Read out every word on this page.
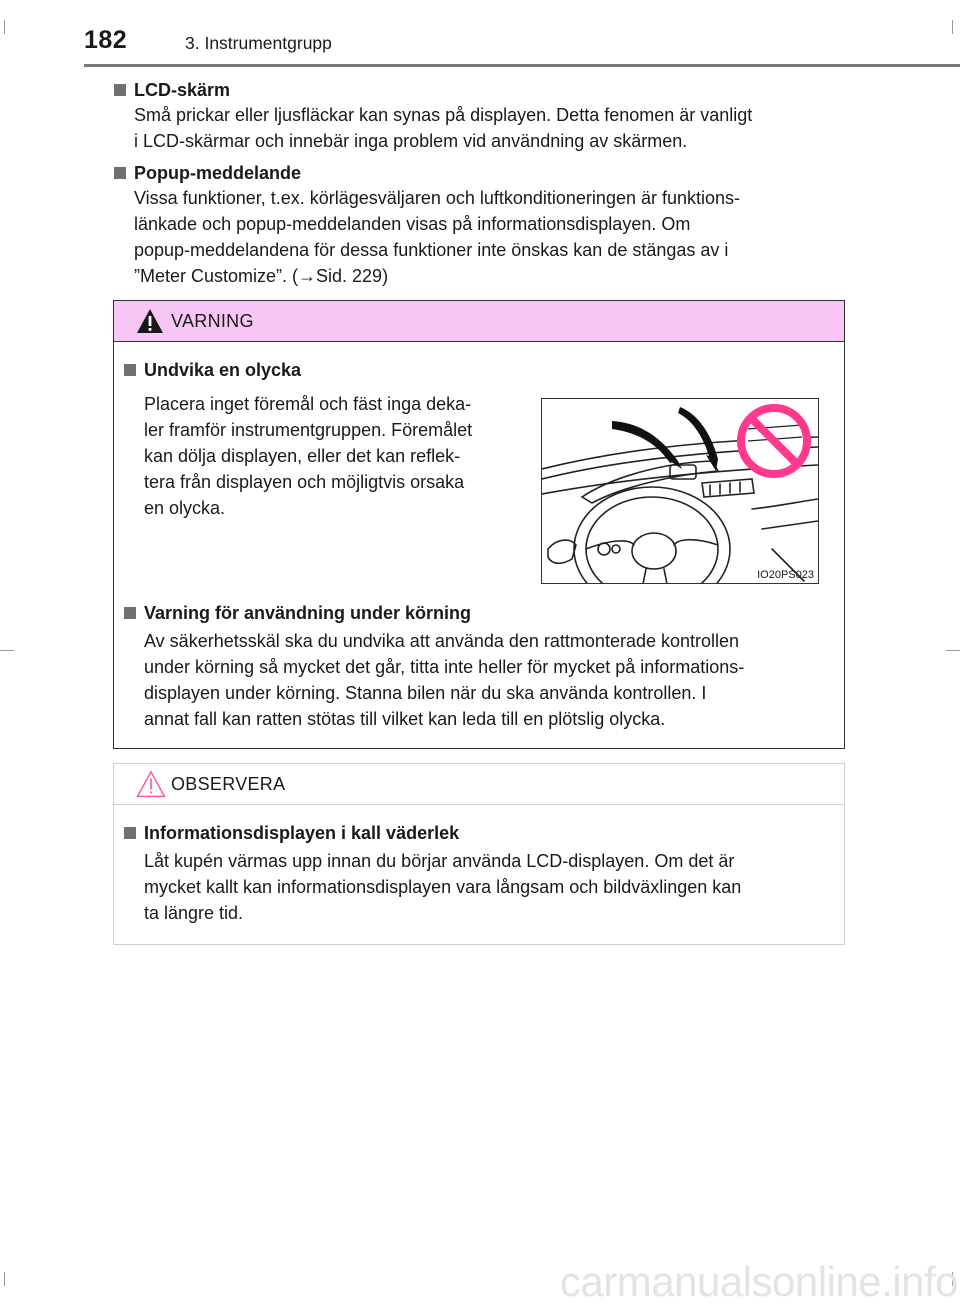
182	3. Instrumentgrupp
LCD-skärm
Små prickar eller ljusfläckar kan synas på displayen. Detta fenomen är vanligt
i LCD-skärmar och innebär inga problem vid användning av skärmen.
Popup-meddelande
Vissa funktioner, t.ex. körlägesväljaren och luftkonditioneringen är funktions-
länkade och popup-meddelanden visas på informationsdisplayen. Om
popup-meddelandena för dessa funktioner inte önskas kan de stängas av i
”Meter Customize”. (→Sid. 229)
VARNING
Undvika en olycka
Placera inget föremål och fäst inga deka-
ler framför instrumentgruppen. Föremålet
kan dölja displayen, eller det kan reflek-
tera från displayen och möjligtvis orsaka
en olycka.
IO20PS023
Varning för användning under körning
Av säkerhetsskäl ska du undvika att använda den rattmonterade kontrollen
under körning så mycket det går, titta inte heller för mycket på informations-
displayen under körning. Stanna bilen när du ska använda kontrollen. I
annat fall kan ratten stötas till vilket kan leda till en plötslig olycka.
OBSERVERA
Informationsdisplayen i kall väderlek
Låt kupén värmas upp innan du börjar använda LCD-displayen. Om det är
mycket kallt kan informationsdisplayen vara långsam och bildväxlingen kan
ta längre tid.
carmanualsonline.info
